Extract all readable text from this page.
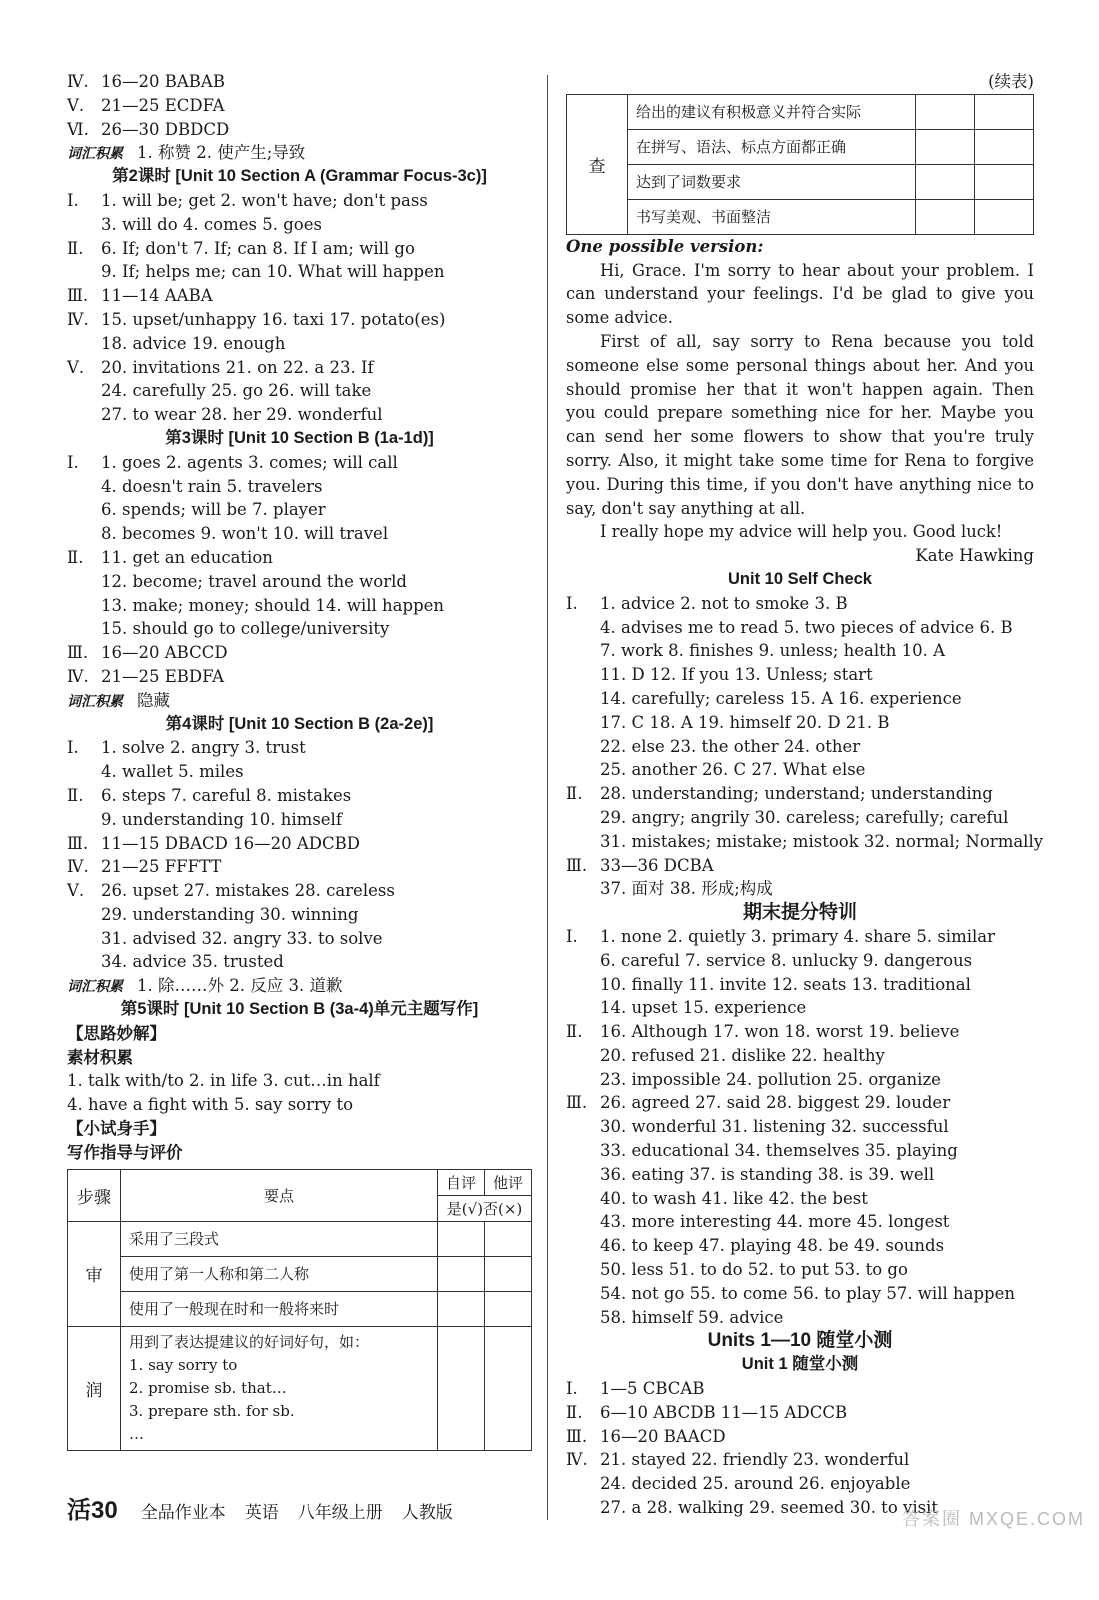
Ⅳ. 16—20 BABAB
Ⅴ. 21—25 ECDFA
Ⅵ. 26—30 DBDCD
词汇积累 1. 称赞 2. 使产生;导致
第2课时 [Unit 10 Section A (Grammar Focus-3c)]
Ⅰ. 1. will be; get 2. won't have; don't pass
3. will do 4. comes 5. goes
Ⅱ. 6. If; don't 7. If; can 8. If I am; will go
9. If; helps me; can 10. What will happen
Ⅲ. 11—14 AABA
Ⅳ. 15. upset/unhappy 16. taxi 17. potato(es)
18. advice 19. enough
Ⅴ. 20. invitations 21. on 22. a 23. If
24. carefully 25. go 26. will take
27. to wear 28. her 29. wonderful
第3课时 [Unit 10 Section B (1a-1d)]
Ⅰ. 1. goes 2. agents 3. comes; will call
4. doesn't rain 5. travelers
6. spends; will be 7. player
8. becomes 9. won't 10. will travel
Ⅱ. 11. get an education
12. become; travel around the world
13. make; money; should 14. will happen
15. should go to college/university
Ⅲ. 16—20 ABCCD
Ⅳ. 21—25 EBDFA
词汇积累 隐藏
第4课时 [Unit 10 Section B (2a-2e)]
Ⅰ. 1. solve 2. angry 3. trust
4. wallet 5. miles
Ⅱ. 6. steps 7. careful 8. mistakes
9. understanding 10. himself
Ⅲ. 11—15 DBACD 16—20 ADCBD
Ⅳ. 21—25 FFFTT
Ⅴ. 26. upset 27. mistakes 28. careless
29. understanding 30. winning
31. advised 32. angry 33. to solve
34. advice 35. trusted
词汇积累 1. 除……外 2. 反应 3. 道歉
第5课时 [Unit 10 Section B (3a-4)单元主题写作]
【思路妙解】
素材积累
1. talk with/to 2. in life 3. cut…in half
4. have a fight with 5. say sorry to
【小试身手】
写作指导与评价
步骤	要点	自评	他评
		是(√)否(×)	
审	采用了三段式		
	使用了第一人称和第二人称		
	使用了一般现在时和一般将来时		
润	用到了表达提建议的好词好句，如：
1. say sorry to
2. promise sb. that…
3. prepare sth. for sb.
…		

(续表)
查	给出的建议有积极意义并符合实际		
	在拼写、语法、标点方面都正确		
	达到了词数要求		
	书写美观、书面整洁		
One possible version:
Hi, Grace. I'm sorry to hear about your problem. I can understand your feelings. I'd be glad to give you some advice.
First of all, say sorry to Rena because you told someone else some personal things about her. And you should promise her that it won't happen again. Then you could prepare something nice for her. Maybe you can send her some flowers to show that you're truly sorry. Also, it might take some time for Rena to forgive you. During this time, if you don't have anything nice to say, don't say anything at all.
I really hope my advice will help you. Good luck!
Kate Hawking
Unit 10 Self Check
Ⅰ. 1. advice 2. not to smoke 3. B
4. advises me to read 5. two pieces of advice 6. B
7. work 8. finishes 9. unless; health 10. A
11. D 12. If you 13. Unless; start
14. carefully; careless 15. A 16. experience
17. C 18. A 19. himself 20. D 21. B
22. else 23. the other 24. other
25. another 26. C 27. What else
Ⅱ. 28. understanding; understand; understanding
29. angry; angrily 30. careless; carefully; careful
31. mistakes; mistake; mistook 32. normal; Normally
Ⅲ. 33—36 DCBA
37. 面对 38. 形成;构成
期末提分特训
Ⅰ. 1. none 2. quietly 3. primary 4. share 5. similar
6. careful 7. service 8. unlucky 9. dangerous
10. finally 11. invite 12. seats 13. traditional
14. upset 15. experience
Ⅱ. 16. Although 17. won 18. worst 19. believe
20. refused 21. dislike 22. healthy
23. impossible 24. pollution 25. organize
Ⅲ. 26. agreed 27. said 28. biggest 29. louder
30. wonderful 31. listening 32. successful
33. educational 34. themselves 35. playing
36. eating 37. is standing 38. is 39. well
40. to wash 41. like 42. the best
43. more interesting 44. more 45. longest
46. to keep 47. playing 48. be 49. sounds
50. less 51. to do 52. to put 53. to go
54. not go 55. to come 56. to play 57. will happen
58. himself 59. advice
Units 1—10 随堂小测
Unit 1 随堂小测
Ⅰ. 1—5 CBCAB
Ⅱ. 6—10 ABCDB 11—15 ADCCB
Ⅲ. 16—20 BAACD
Ⅳ. 21. stayed 22. friendly 23. wonderful
24. decided 25. around 26. enjoyable
27. a 28. walking 29. seemed 30. to visit
活30 全品作业本 英语 八年级上册 人教版	答案圈 MXQE.COM
